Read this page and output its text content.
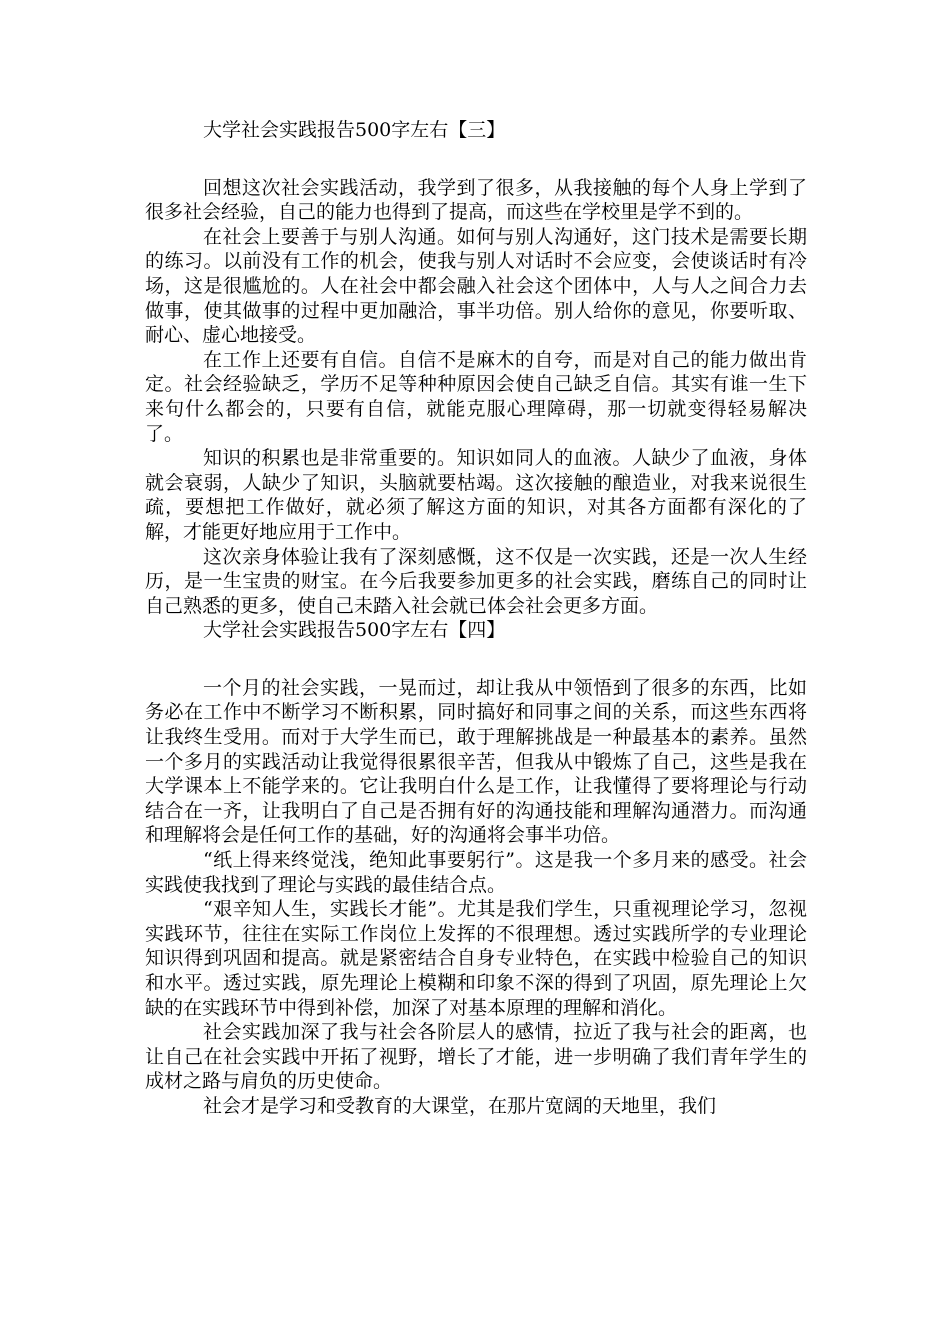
大学社会实践报告500字左右【三】

回想这次社会实践活动，我学到了很多，从我接触的每个人身上学到了很多社会经验，自己的能力也得到了提高，而这些在学校里是学不到的。

在社会上要善于与别人沟通。如何与别人沟通好，这门技术是需要长期的练习。以前没有工作的机会，使我与别人对话时不会应变，会使谈话时有冷场，这是很尴尬的。人在社会中都会融入社会这个团体中，人与人之间合力去做事，使其做事的过程中更加融洽，事半功倍。别人给你的意见，你要听取、耐心、虚心地接受。

在工作上还要有自信。自信不是麻木的自夸，而是对自己的能力做出肯定。社会经验缺乏，学历不足等种种原因会使自己缺乏自信。其实有谁一生下来句什么都会的，只要有自信，就能克服心理障碍，那一切就变得轻易解决了。

知识的积累也是非常重要的。知识如同人的血液。人缺少了血液，身体就会衰弱，人缺少了知识，头脑就要枯竭。这次接触的酿造业，对我来说很生疏，要想把工作做好，就必须了解这方面的知识，对其各方面都有深化的了解，才能更好地应用于工作中。

这次亲身体验让我有了深刻感慨，这不仅是一次实践，还是一次人生经历，是一生宝贵的财宝。在今后我要参加更多的社会实践，磨练自己的同时让自己熟悉的更多，使自己未踏入社会就已体会社会更多方面。

大学社会实践报告500字左右【四】

一个月的社会实践，一晃而过，却让我从中领悟到了很多的东西，比如务必在工作中不断学习不断积累，同时搞好和同事之间的关系，而这些东西将让我终生受用。而对于大学生而已，敢于理解挑战是一种最基本的素养。虽然一个多月的实践活动让我觉得很累很辛苦，但我从中锻炼了自己，这些是我在大学课本上不能学来的。它让我明白什么是工作，让我懂得了要将理论与行动结合在一齐，让我明白了自己是否拥有好的沟通技能和理解沟通潜力。而沟通和理解将会是任何工作的基础，好的沟通将会事半功倍。

“纸上得来终觉浅，绝知此事要躬行”。这是我一个多月来的感受。社会实践使我找到了理论与实践的最佳结合点。

“艰辛知人生，实践长才能”。尤其是我们学生，只重视理论学习，忽视实践环节，往往在实际工作岗位上发挥的不很理想。透过实践所学的专业理论知识得到巩固和提高。就是紧密结合自身专业特色，在实践中检验自己的知识和水平。透过实践，原先理论上模糊和印象不深的得到了巩固，原先理论上欠缺的在实践环节中得到补偿，加深了对基本原理的理解和消化。

社会实践加深了我与社会各阶层人的感情，拉近了我与社会的距离，也让自己在社会实践中开拓了视野，增长了才能，进一步明确了我们青年学生的成材之路与肩负的历史使命。

社会才是学习和受教育的大课堂，在那片宽阔的天地里，我们
